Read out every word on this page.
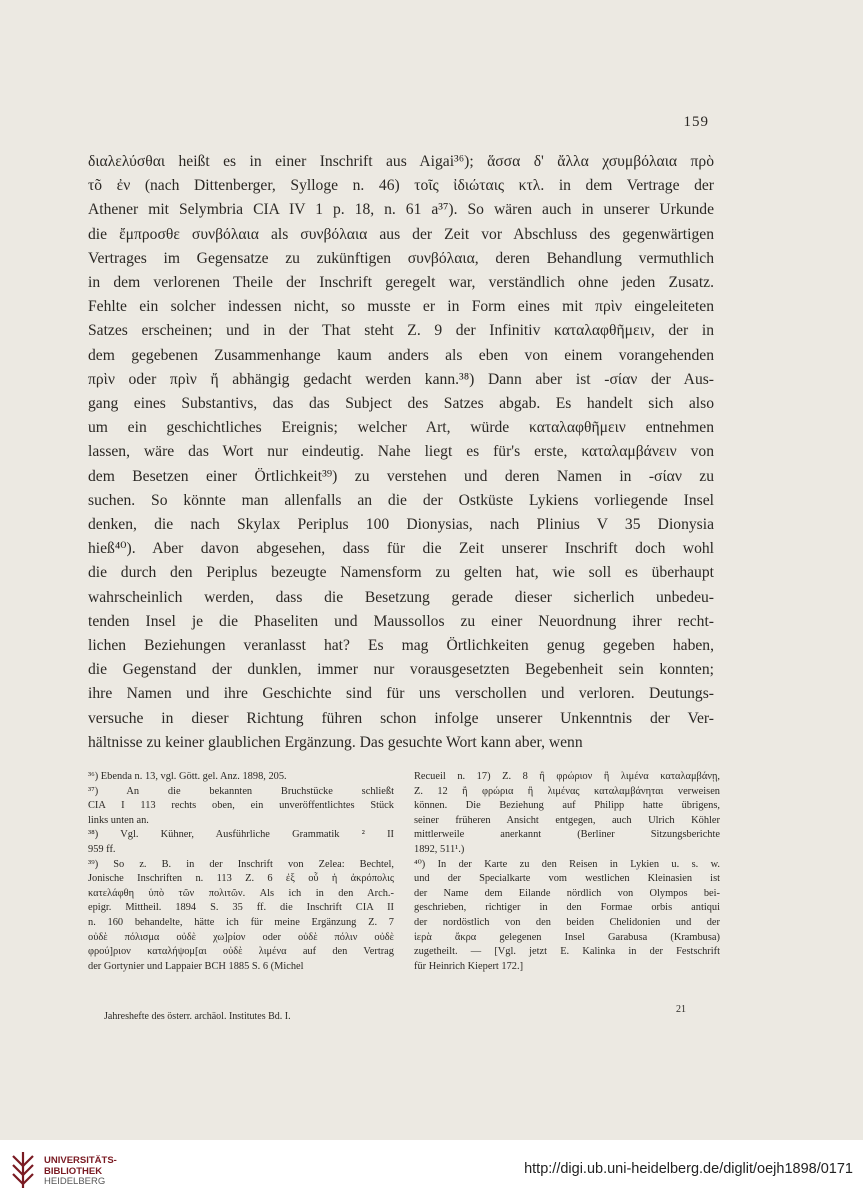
159
διαλελύσθαι heißt es in einer Inschrift aus Aigai³⁶); ἅσσα δ' ἄλλα χσυμβόλαια πρὸ
τõ ἐν (nach Dittenberger, Sylloge n. 46) τοῖς ἰδιώταις κτλ. in dem Vertrage der
Athener mit Selymbria CIA IV 1 p. 18, n. 61 a³⁷). So wären auch in unserer Urkunde
die ἔμπροσθε συνβόλαια als συνβόλαια aus der Zeit vor Abschluss des gegenwärtigen
Vertrages im Gegensatze zu zukünftigen συνβόλαια, deren Behandlung vermuthlich
in dem verlorenen Theile der Inschrift geregelt war, verständlich ohne jeden Zusatz.
Fehlte ein solcher indessen nicht, so musste er in Form eines mit πρὶν eingeleiteten
Satzes erscheinen; und in der That steht Z. 9 der Infinitiv καταλαφθῆμειν, der in
dem gegebenen Zusammenhange kaum anders als eben von einem vorangehenden
πρὶν oder πρὶν ἤ abhängig gedacht werden kann.³⁸) Dann aber ist -σίαν der Aus-
gang eines Substantivs, das das Subject des Satzes abgab. Es handelt sich also
um ein geschichtliches Ereignis; welcher Art, würde καταλαφθῆμειν entnehmen
lassen, wäre das Wort nur eindeutig. Nahe liegt es für's erste, καταλαμβάνειν von
dem Besetzen einer Örtlichkeit³⁹) zu verstehen und deren Namen in -σίαν zu
suchen. So könnte man allenfalls an die der Ostküste Lykiens vorliegende Insel
denken, die nach Skylax Periplus 100 Dionysias, nach Plinius V 35 Dionysia
hieß⁴⁰). Aber davon abgesehen, dass für die Zeit unserer Inschrift doch wohl
die durch den Periplus bezeugte Namensform zu gelten hat, wie soll es überhaupt
wahrscheinlich werden, dass die Besetzung gerade dieser sicherlich unbedeu-
tenden Insel je die Phaseliten und Maussollos zu einer Neuordnung ihrer recht-
lichen Beziehungen veranlasst hat? Es mag Örtlichkeiten genug gegeben haben,
die Gegenstand der dunklen, immer nur vorausgesetzten Begebenheit sein konnten;
ihre Namen und ihre Geschichte sind für uns verschollen und verloren. Deutungs-
versuche in dieser Richtung führen schon infolge unserer Unkenntnis der Ver-
hältnisse zu keiner glaublichen Ergänzung. Das gesuchte Wort kann aber, wenn
³⁶) Ebenda n. 13, vgl. Gött. gel. Anz. 1898, 205.
³⁷) An die bekannten Bruchstücke schließt
CIA I 113 rechts oben, ein unveröffentlichtes Stück
links unten an.
³⁸) Vgl. Kühner, Ausführliche Grammatik ² II
959 ff.
³⁹) So z. B. in der Inschrift von Zelea: Bechtel,
Jonische Inschriften n. 113 Z. 6 ἐξ οὗ ἡ ἀκρόπολις
κατελάφθη ὑπὸ τῶν πολιτῶν. Als ich in den Arch.-
epigr. Mittheil. 1894 S. 35 ff. die Inschrift CIA II
n. 160 behandelte, hätte ich für meine Ergänzung Z. 7
οὐδὲ πόλισμα οὐδὲ χω]ρίον oder οὐδὲ πόλιν οὐδὲ
φρού]ριον καταλήψομ[αι οὐδὲ λιμένα auf den Vertrag
der Gortynier und Lappaier BCH 1885 S. 6 (Michel
Recueil n. 17) Z. 8 ἢ φρώριον ἢ λιμένα καταλαμβάνῃ,
Z. 12 ἢ φρώρια ἢ λιμένας καταλαμβάνηται verweisen
können. Die Beziehung auf Philipp hatte übrigens,
seiner früheren Ansicht entgegen, auch Ulrich Köhler
mittlerweile anerkannt (Berliner Sitzungsberichte
1892, 511¹.)
⁴⁰) In der Karte zu den Reisen in Lykien u. s. w.
und der Specialkarte vom westlichen Kleinasien ist
der Name dem Eilande nördlich von Olympos bei-
geschrieben, richtiger in den Formae orbis antiqui
der nordöstlich von den beiden Chelidonien und der
ἱερὰ ἄκρα gelegenen Insel Garabusa (Krambusa)
zugetheilt. — [Vgl. jetzt E. Kalinka in der Festschrift
für Heinrich Kiepert 172.]
Jahreshefte des österr. archäol. Institutes Bd. I.
21
UNIVERSITÄTS-
BIBLIOTHEK
HEIDELBERG
http://digi.ub.uni-heidelberg.de/diglit/oejh1898/0171
